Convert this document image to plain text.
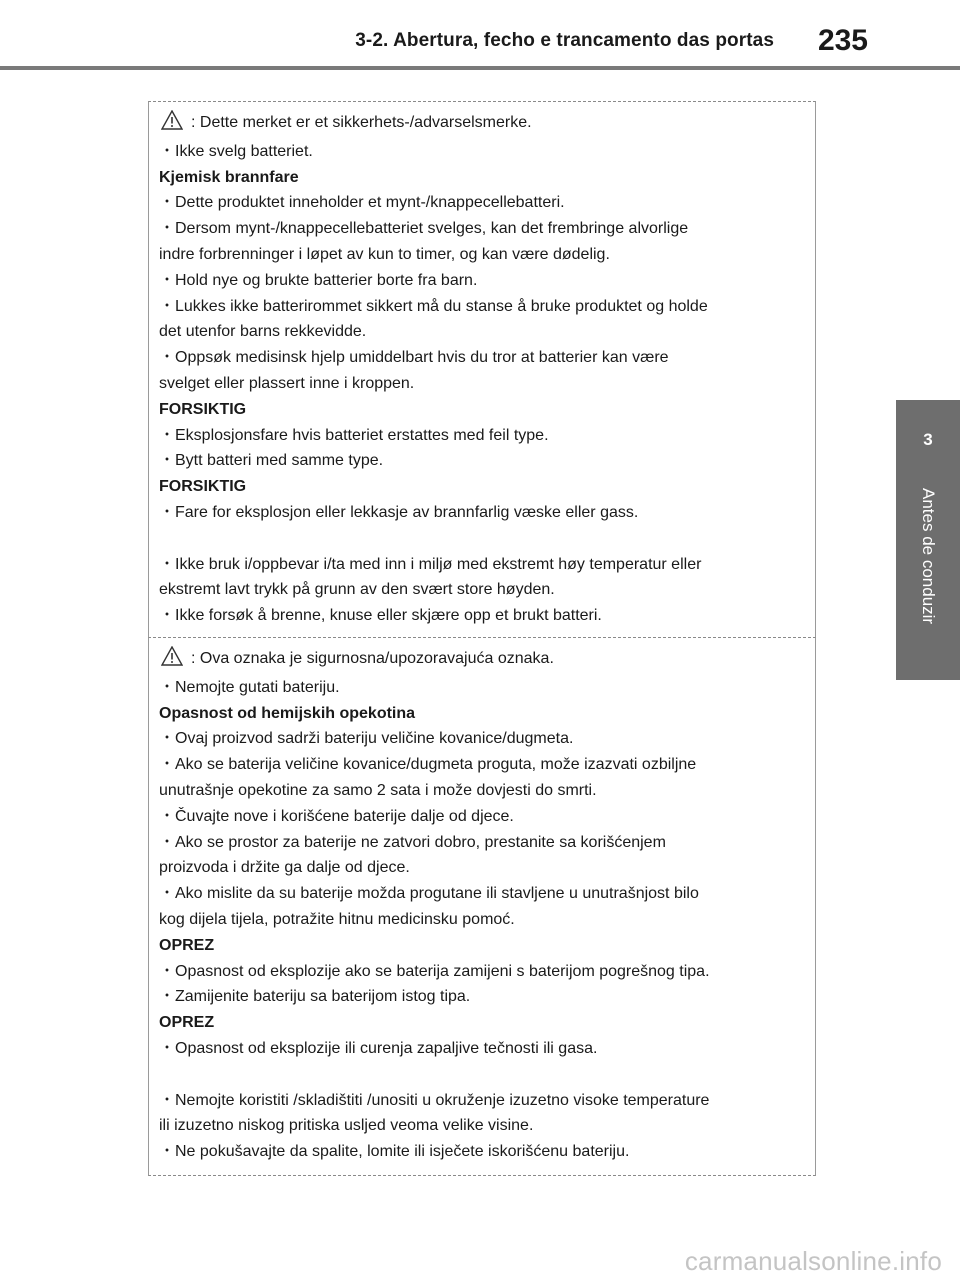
3-2. Abertura, fecho e trancamento das portas 235
3
Antes de conduzir
: Dette merket er et sikkerhets-/advarselsmerke.
・Ikke svelg batteriet.
Kjemisk brannfare
・Dette produktet inneholder et mynt-/knappecellebatteri.
・Dersom mynt-/knappecellebatteriet svelges, kan det frembringe alvorlige
indre forbrenninger i løpet av kun to timer, og kan være dødelig.
・Hold nye og brukte batterier borte fra barn.
・Lukkes ikke batterirommet sikkert må du stanse å bruke produktet og holde
det utenfor barns rekkevidde.
・Oppsøk medisinsk hjelp umiddelbart hvis du tror at batterier kan være
svelget eller plassert inne i kroppen.
FORSIKTIG
・Eksplosjonsfare hvis batteriet erstattes med feil type.
・Bytt batteri med samme type.
FORSIKTIG
・Fare for eksplosjon eller lekkasje av brannfarlig væske eller gass.
・Ikke bruk i/oppbevar i/ta med inn i miljø med ekstremt høy temperatur eller
ekstremt lavt trykk på grunn av den svært store høyden.
・Ikke forsøk å brenne, knuse eller skjære opp et brukt batteri.
: Ova oznaka je sigurnosna/upozoravajuća oznaka.
・Nemojte gutati bateriju.
Opasnost od hemijskih opekotina
・Ovaj proizvod sadrži bateriju veličine kovanice/dugmeta.
・Ako se baterija veličine kovanice/dugmeta proguta, može izazvati ozbiljne
unutrašnje opekotine za samo 2 sata i može dovjesti do smrti.
・Čuvajte nove i korišćene baterije dalje od djece.
・Ako se prostor za baterije ne zatvori dobro, prestanite sa korišćenjem
proizvoda i držite ga dalje od djece.
・Ako mislite da su baterije možda progutane ili stavljene u unutrašnjost bilo
kog dijela tijela, potražite hitnu medicinsku pomoć.
OPREZ
・Opasnost od eksplozije ako se baterija zamijeni s baterijom pogrešnog tipa.
・Zamijenite bateriju sa baterijom istog tipa.
OPREZ
・Opasnost od eksplozije ili curenja zapaljive tečnosti ili gasa.
・Nemojte koristiti /skladištiti /unositi u okruženje izuzetno visoke temperature
ili izuzetno niskog pritiska usljed veoma velike visine.
・Ne pokušavajte da spalite, lomite ili isječete iskorišćenu bateriju.
carmanualsonline.info
